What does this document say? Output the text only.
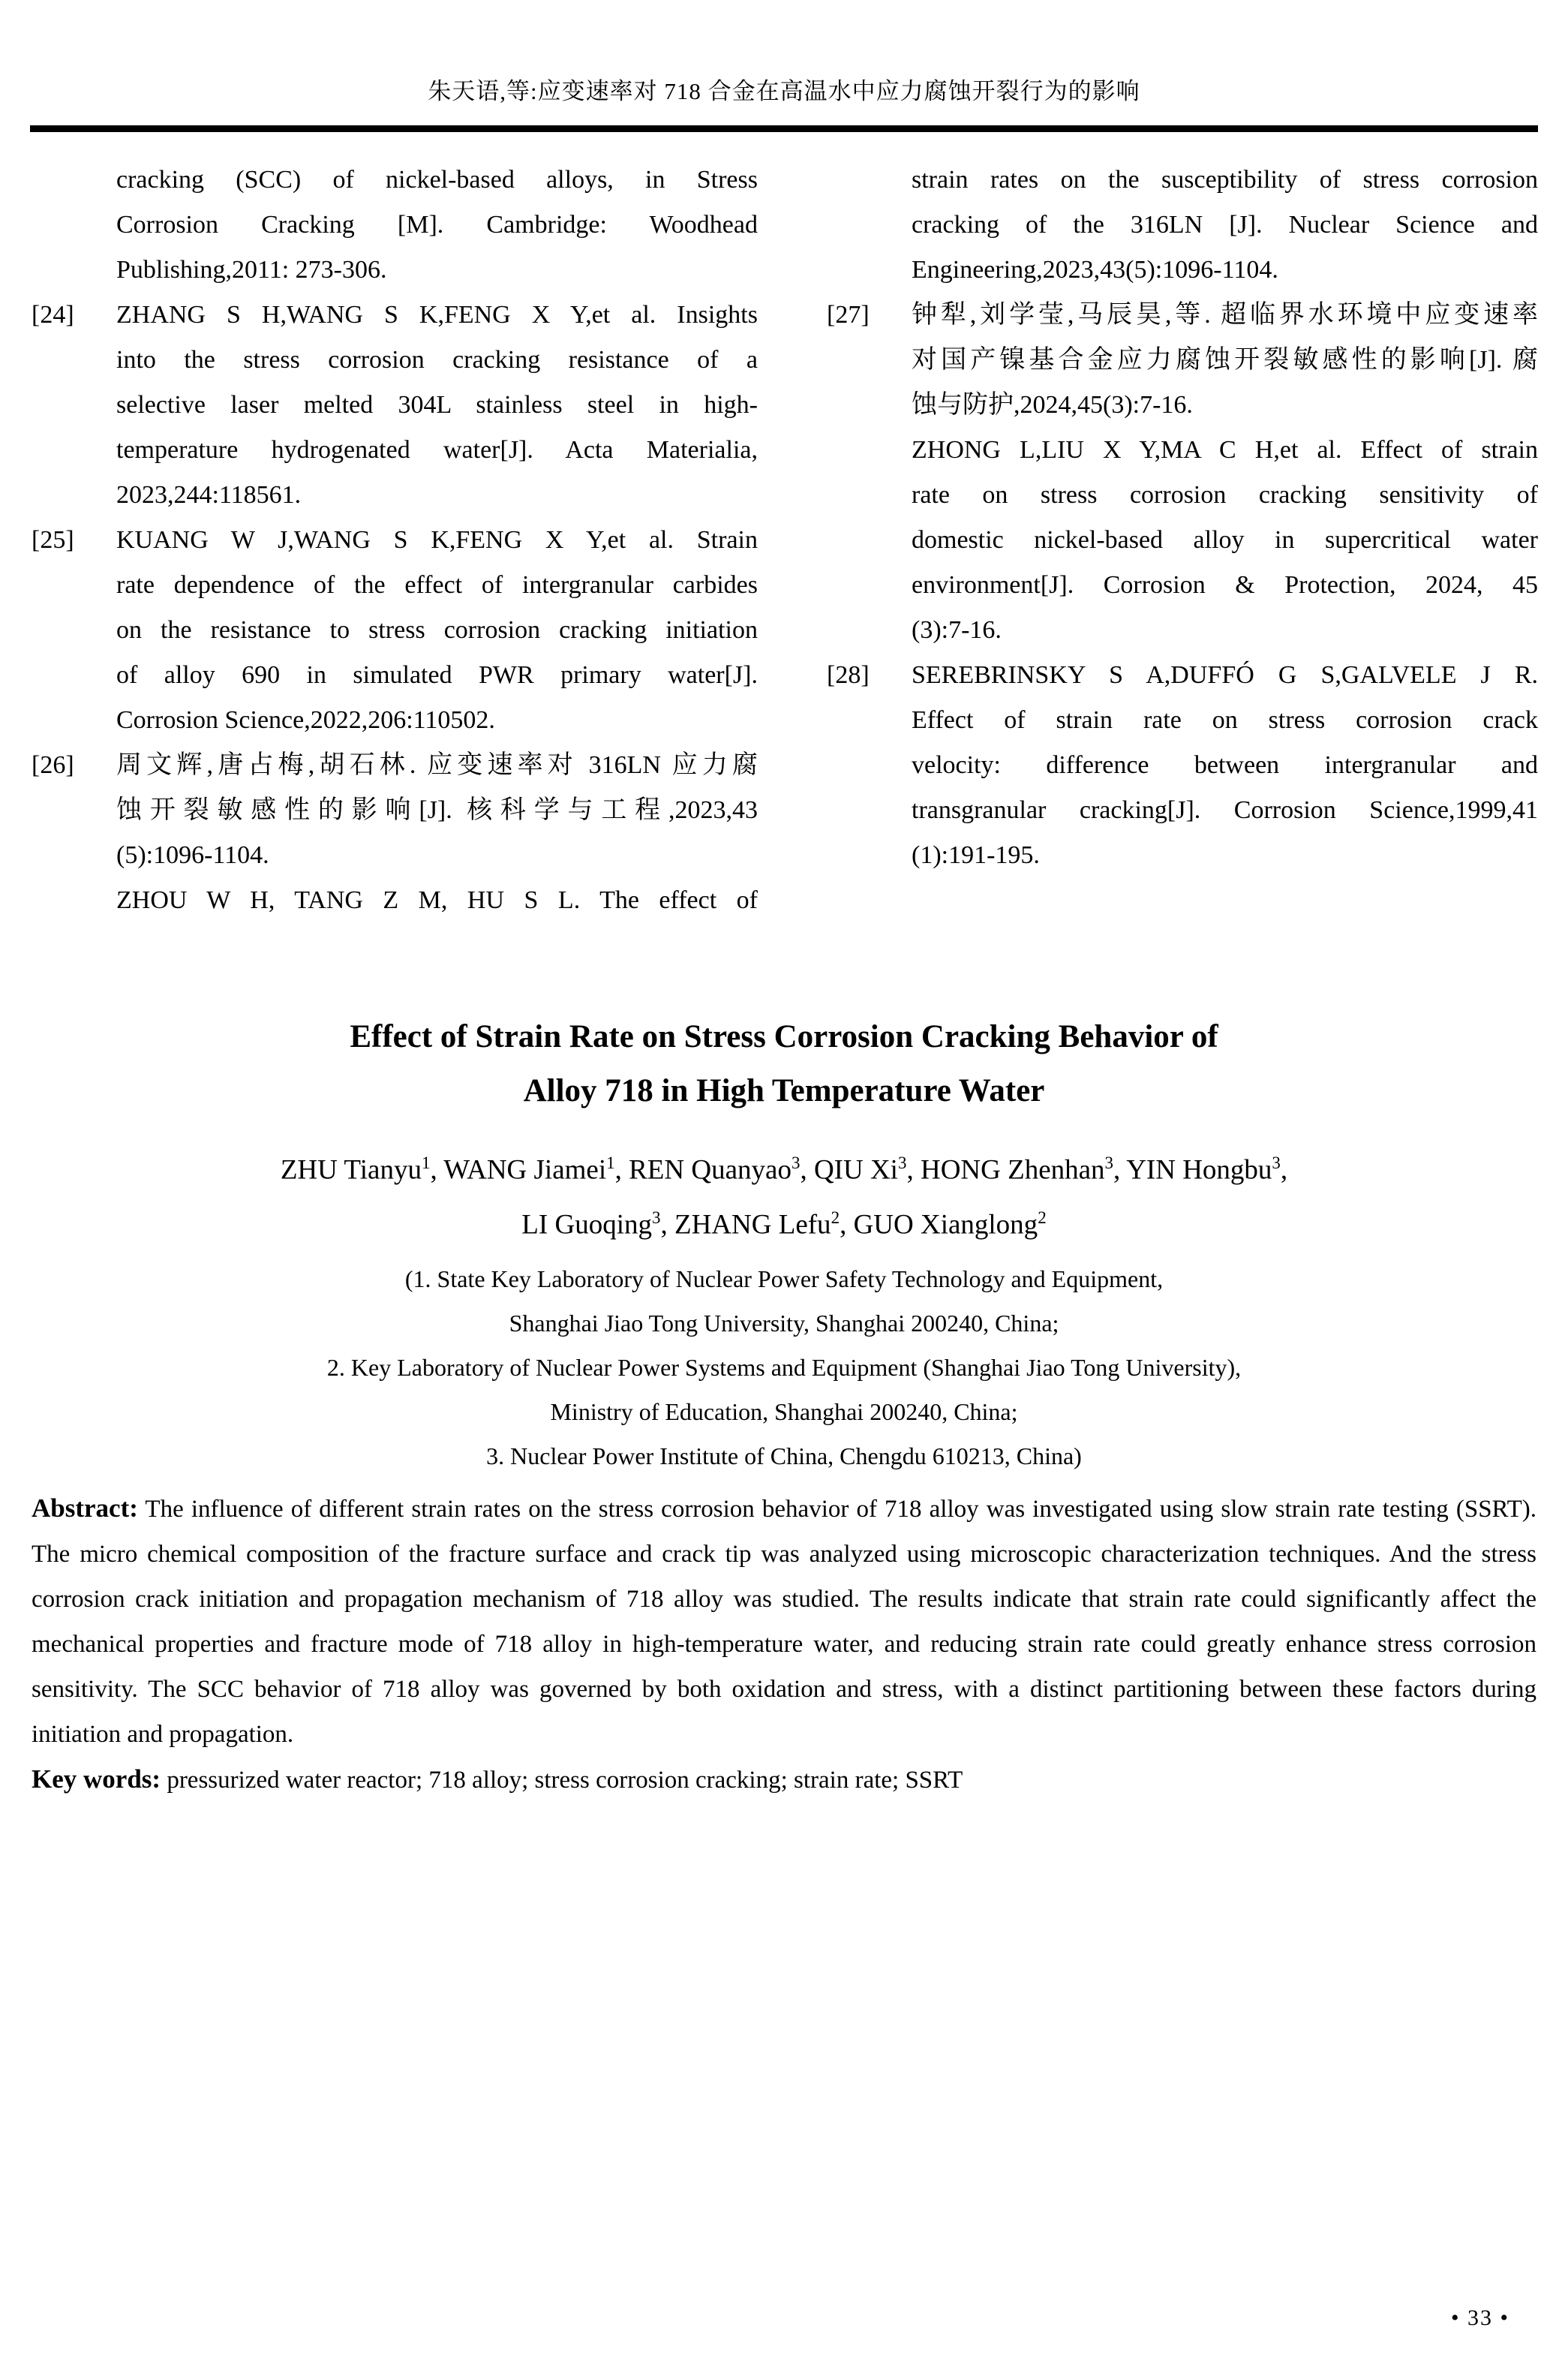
朱天语,等:应变速率对 718 合金在高温水中应力腐蚀开裂行为的影响
cracking (SCC) of nickel-based alloys, in Stress
Corrosion Cracking [M]. Cambridge: Woodhead
Publishing,2011: 273-306.
[24] ZHANG S H,WANG S K,FENG X Y,et al. Insights
into the stress corrosion cracking resistance of a
selective laser melted 304L stainless steel in high-
temperature hydrogenated water[J]. Acta Materialia,
2023,244:118561.
[25] KUANG W J,WANG S K,FENG X Y,et al. Strain
rate dependence of the effect of intergranular carbides
on the resistance to stress corrosion cracking initiation
of alloy 690 in simulated PWR primary water[J].
Corrosion Science,2022,206:110502.
[26] 周文辉,唐占梅,胡石林. 应变速率对 316LN 应力腐
蚀开裂敏感性的影响[J]. 核科学与工程,2023,43
(5):1096-1104.
ZHOU W H, TANG Z M, HU S L. The effect of
strain rates on the susceptibility of stress corrosion
cracking of the 316LN [J]. Nuclear Science and
Engineering,2023,43(5):1096-1104.
[27] 钟犁,刘学莹,马辰昊,等. 超临界水环境中应变速率
对国产镍基合金应力腐蚀开裂敏感性的影响[J]. 腐
蚀与防护,2024,45(3):7-16.
ZHONG L,LIU X Y,MA C H,et al. Effect of strain
rate on stress corrosion cracking sensitivity of
domestic nickel-based alloy in supercritical water
environment[J]. Corrosion & Protection, 2024, 45
(3):7-16.
[28] SEREBRINSKY S A,DUFFÓ G S,GALVELE J R.
Effect of strain rate on stress corrosion crack
velocity: difference between intergranular and
transgranular cracking[J]. Corrosion Science,1999,41
(1):191-195.
Effect of Strain Rate on Stress Corrosion Cracking Behavior of
Alloy 718 in High Temperature Water
ZHU Tianyu$^1$, WANG Jiamei$^1$, REN Quanyao$^3$, QIU Xi$^3$, HONG Zhenhan$^3$, YIN Hongbu$^3$,
LI Guoqing$^3$, ZHANG Lefu$^2$, GUO Xianglong$^2$
(1. State Key Laboratory of Nuclear Power Safety Technology and Equipment,
Shanghai Jiao Tong University, Shanghai 200240, China;
2. Key Laboratory of Nuclear Power Systems and Equipment (Shanghai Jiao Tong University),
Ministry of Education, Shanghai 200240, China;
3. Nuclear Power Institute of China, Chengdu 610213, China)

Abstract: The influence of different strain rates on the stress corrosion behavior of 718 alloy was investigated using slow strain rate testing (SSRT). The micro chemical composition of the fracture surface and crack tip was analyzed using microscopic characterization techniques. And the stress corrosion crack initiation and propagation mechanism of 718 alloy was studied. The results indicate that strain rate could significantly affect the mechanical properties and fracture mode of 718 alloy in high-temperature water, and reducing strain rate could greatly enhance stress corrosion sensitivity. The SCC behavior of 718 alloy was governed by both oxidation and stress, with a distinct partitioning between these factors during initiation and propagation.

Key words: pressurized water reactor; 718 alloy; stress corrosion cracking; strain rate; SSRT

• 33 •
